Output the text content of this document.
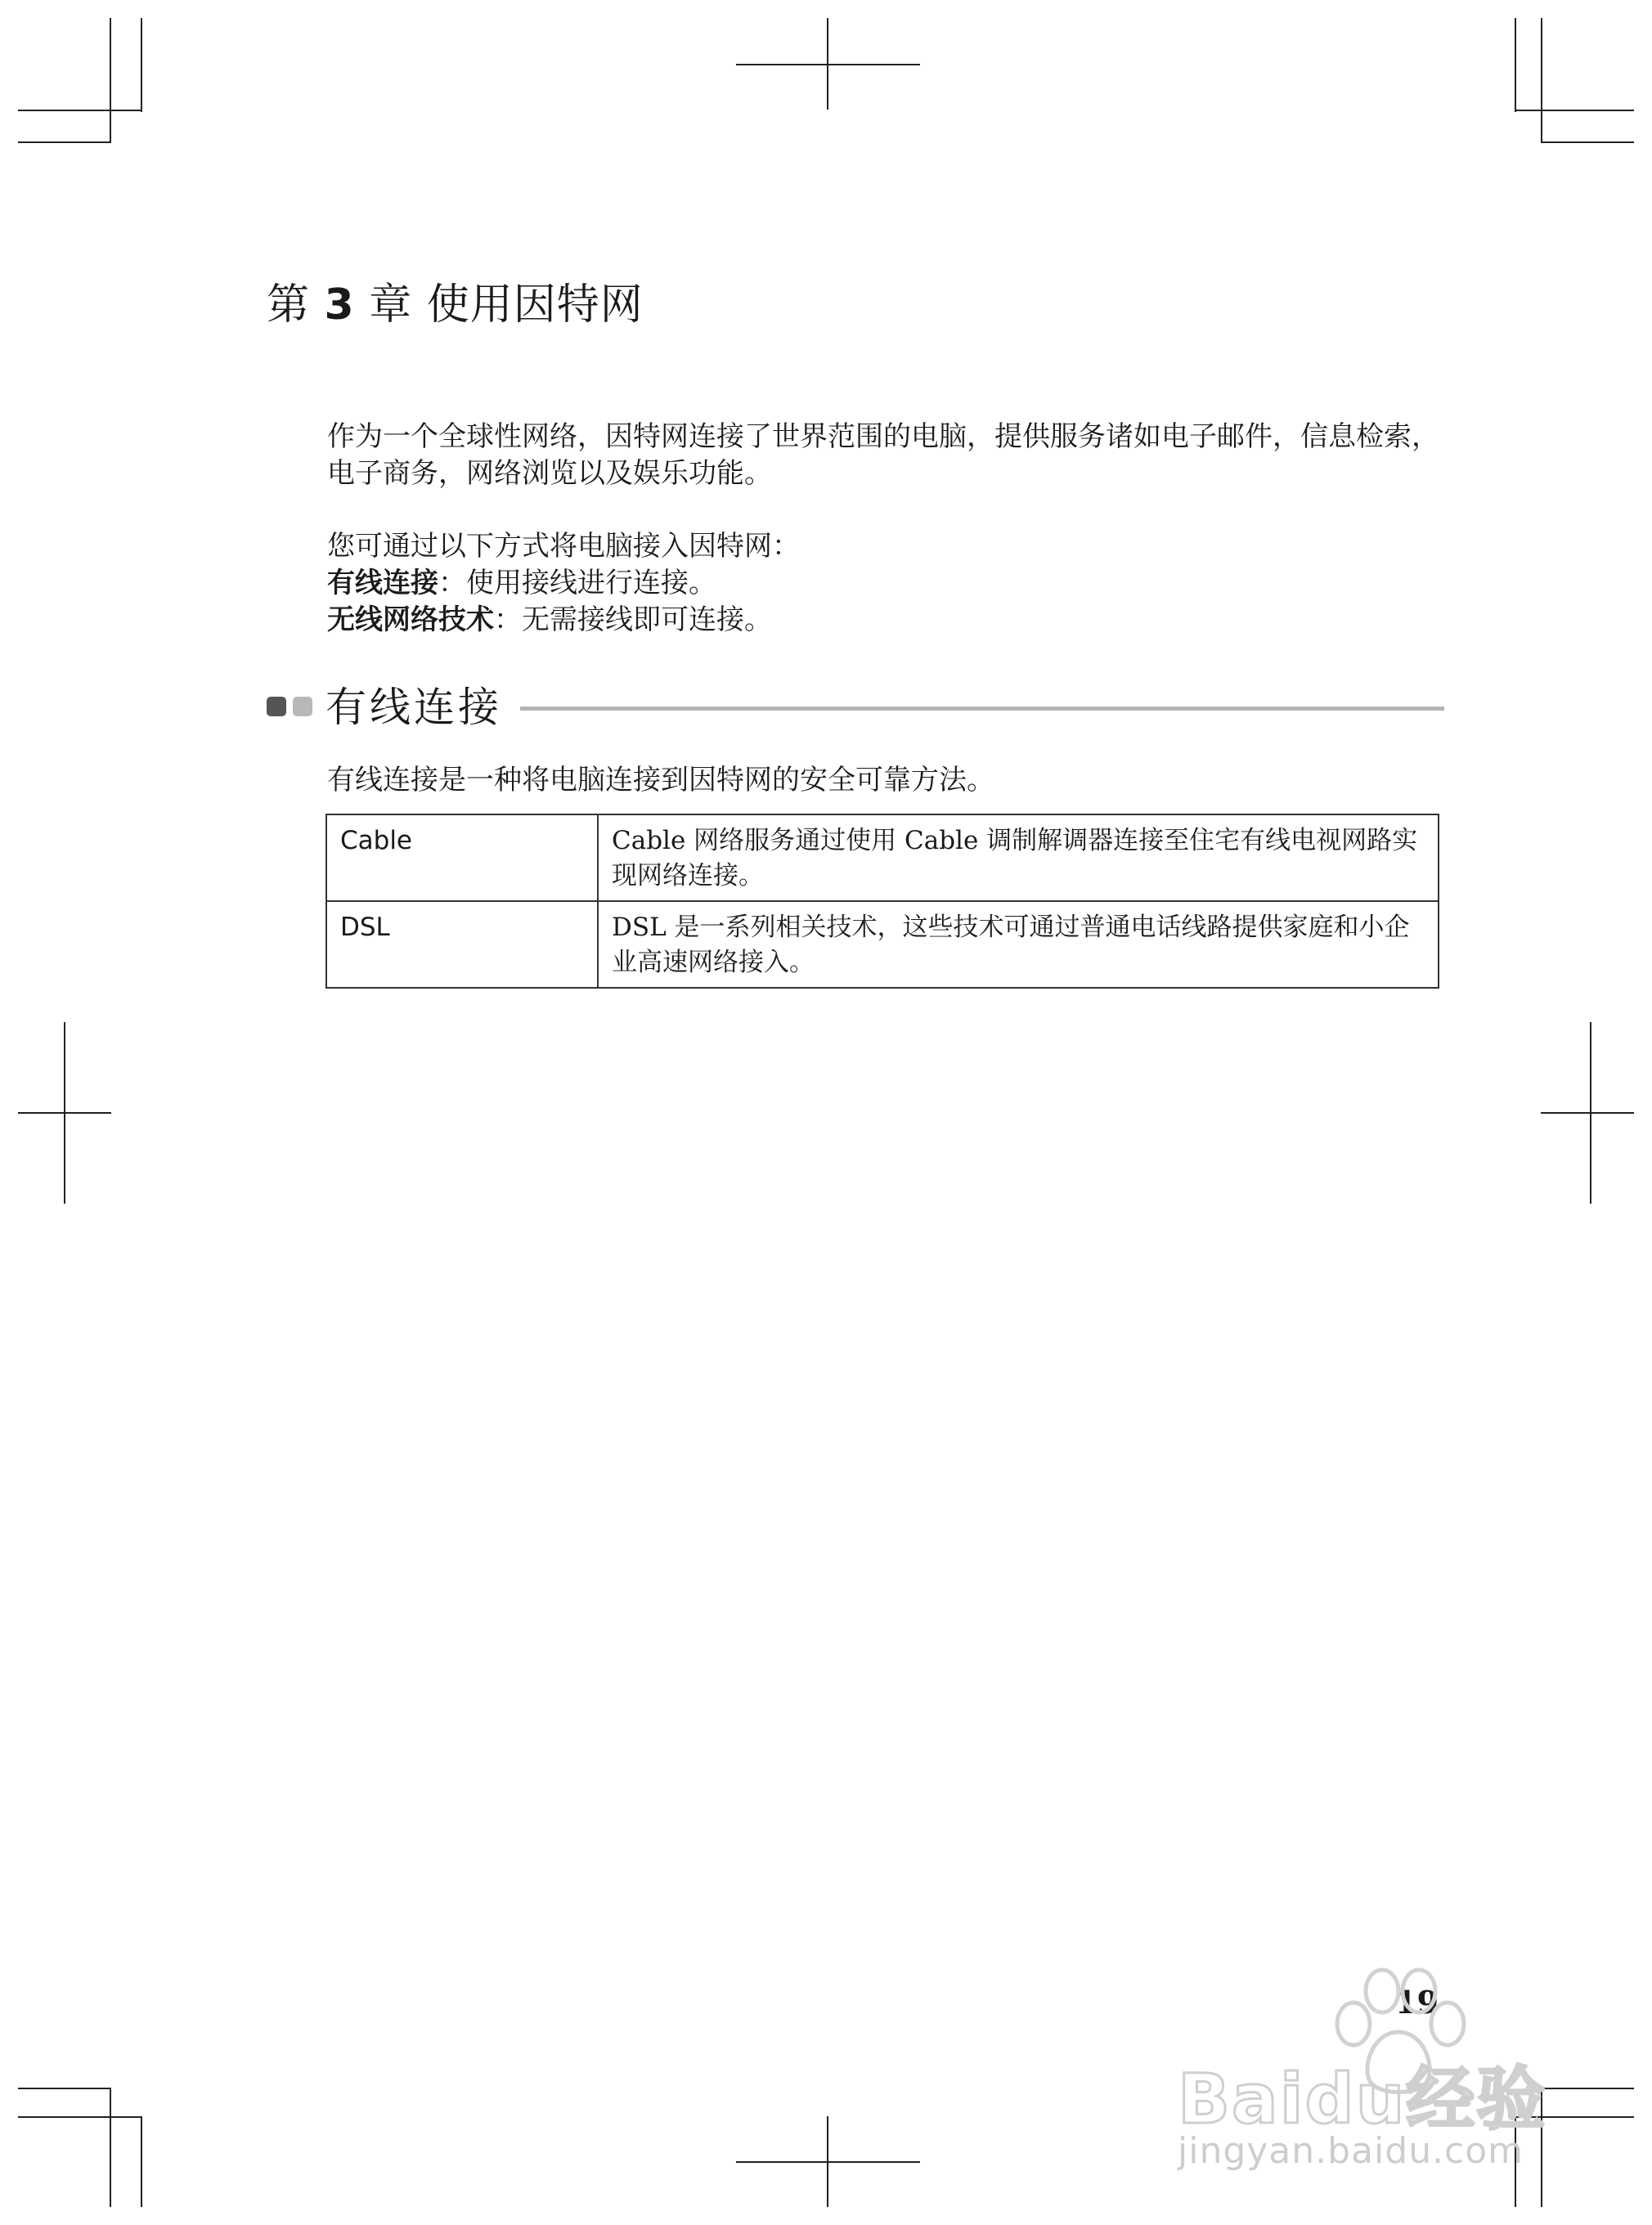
第 3 章 使用因特网

作为一个全球性网络，因特网连接了世界范围的电脑，提供服务诸如电子邮件，信息检索，电子商务，网络浏览以及娱乐功能。

您可通过以下方式将电脑接入因特网：
有线连接：使用接线进行连接。
无线网络技术：无需接线即可连接。
有线连接

有线连接是一种将电脑连接到因特网的安全可靠方法。

Cable	Cable 网络服务通过使用 Cable 调制解调器连接至住宅有线电视网路实现网络连接。
DSL	DSL 是一系列相关技术，这些技术可通过普通电话线路提供家庭和小企业高速网络接入。
19
Baidu经验
jingyan.baidu.com
